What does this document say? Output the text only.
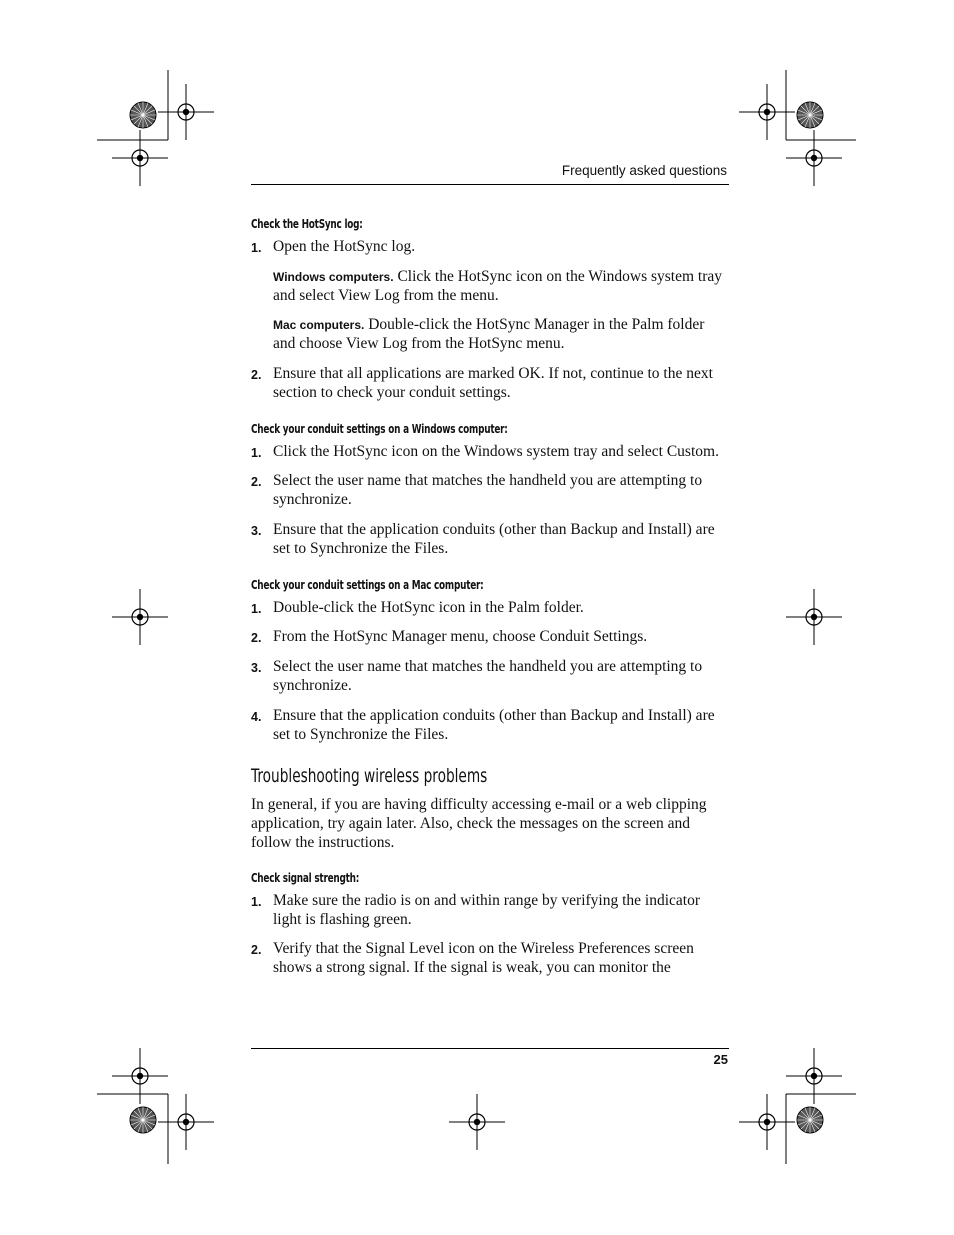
Frequently asked questions

Check the HotSync log:

1. Open the HotSync log.
Windows computers. Click the HotSync icon on the Windows system tray and select View Log from the menu.
Mac computers. Double-click the HotSync Manager in the Palm folder and choose View Log from the HotSync menu.
2. Ensure that all applications are marked OK. If not, continue to the next section to check your conduit settings.

Check your conduit settings on a Windows computer:

1. Click the HotSync icon on the Windows system tray and select Custom.
2. Select the user name that matches the handheld you are attempting to synchronize.
3. Ensure that the application conduits (other than Backup and Install) are set to Synchronize the Files.

Check your conduit settings on a Mac computer:

1. Double-click the HotSync icon in the Palm folder.
2. From the HotSync Manager menu, choose Conduit Settings.
3. Select the user name that matches the handheld you are attempting to synchronize.
4. Ensure that the application conduits (other than Backup and Install) are set to Synchronize the Files.
Troubleshooting wireless problems
In general, if you are having difficulty accessing e-mail or a web clipping application, try again later. Also, check the messages on the screen and follow the instructions.

Check signal strength:

1. Make sure the radio is on and within range by verifying the indicator light is flashing green.
2. Verify that the Signal Level icon on the Wireless Preferences screen shows a strong signal. If the signal is weak, you can monitor the
25
